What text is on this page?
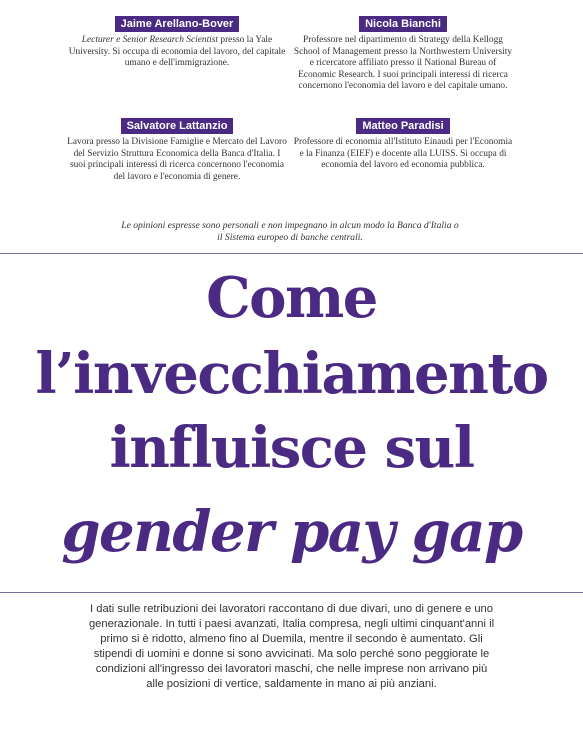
Jaime Arellano-Bover

Lecturer e Senior Research Scientist presso la Yale University. Si occupa di economia del lavoro, del capitale umano e dell'immigrazione.

Nicola Bianchi

Professore nel dipartimento di Strategy della Kellogg School of Management presso la Northwestern University e ricercatore affiliato presso il National Bureau of Economic Research. I suoi principali interessi di ricerca concernono l'economia del lavoro e del capitale umano.

Salvatore Lattanzio

Lavora presso la Divisione Famiglie e Mercato del Lavoro del Servizio Struttura Economica della Banca d'Italia. I suoi principali interessi di ricerca concernono l'economia del lavoro e l'economia di genere.

Matteo Paradisi

Professore di economia all'Istituto Einaudi per l'Economia e la Finanza (EIEF) e docente alla LUISS. Si occupa di economia del lavoro ed economia pubblica.

Le opinioni espresse sono personali e non impegnano in alcun modo la Banca d'Italia o il Sistema europeo di banche centrali.

Come
l’invecchiamento
influisce sul
gender pay gap

I dati sulle retribuzioni dei lavoratori raccontano di due divari, uno di genere e uno generazionale. In tutti i paesi avanzati, Italia compresa, negli ultimi cinquant'anni il primo si è ridotto, almeno fino al Duemila, mentre il secondo è aumentato. Gli stipendi di uomini e donne si sono avvicinati. Ma solo perché sono peggiorate le condizioni all'ingresso dei lavoratori maschi, che nelle imprese non arrivano più alle posizioni di vertice, saldamente in mano ai più anziani.
